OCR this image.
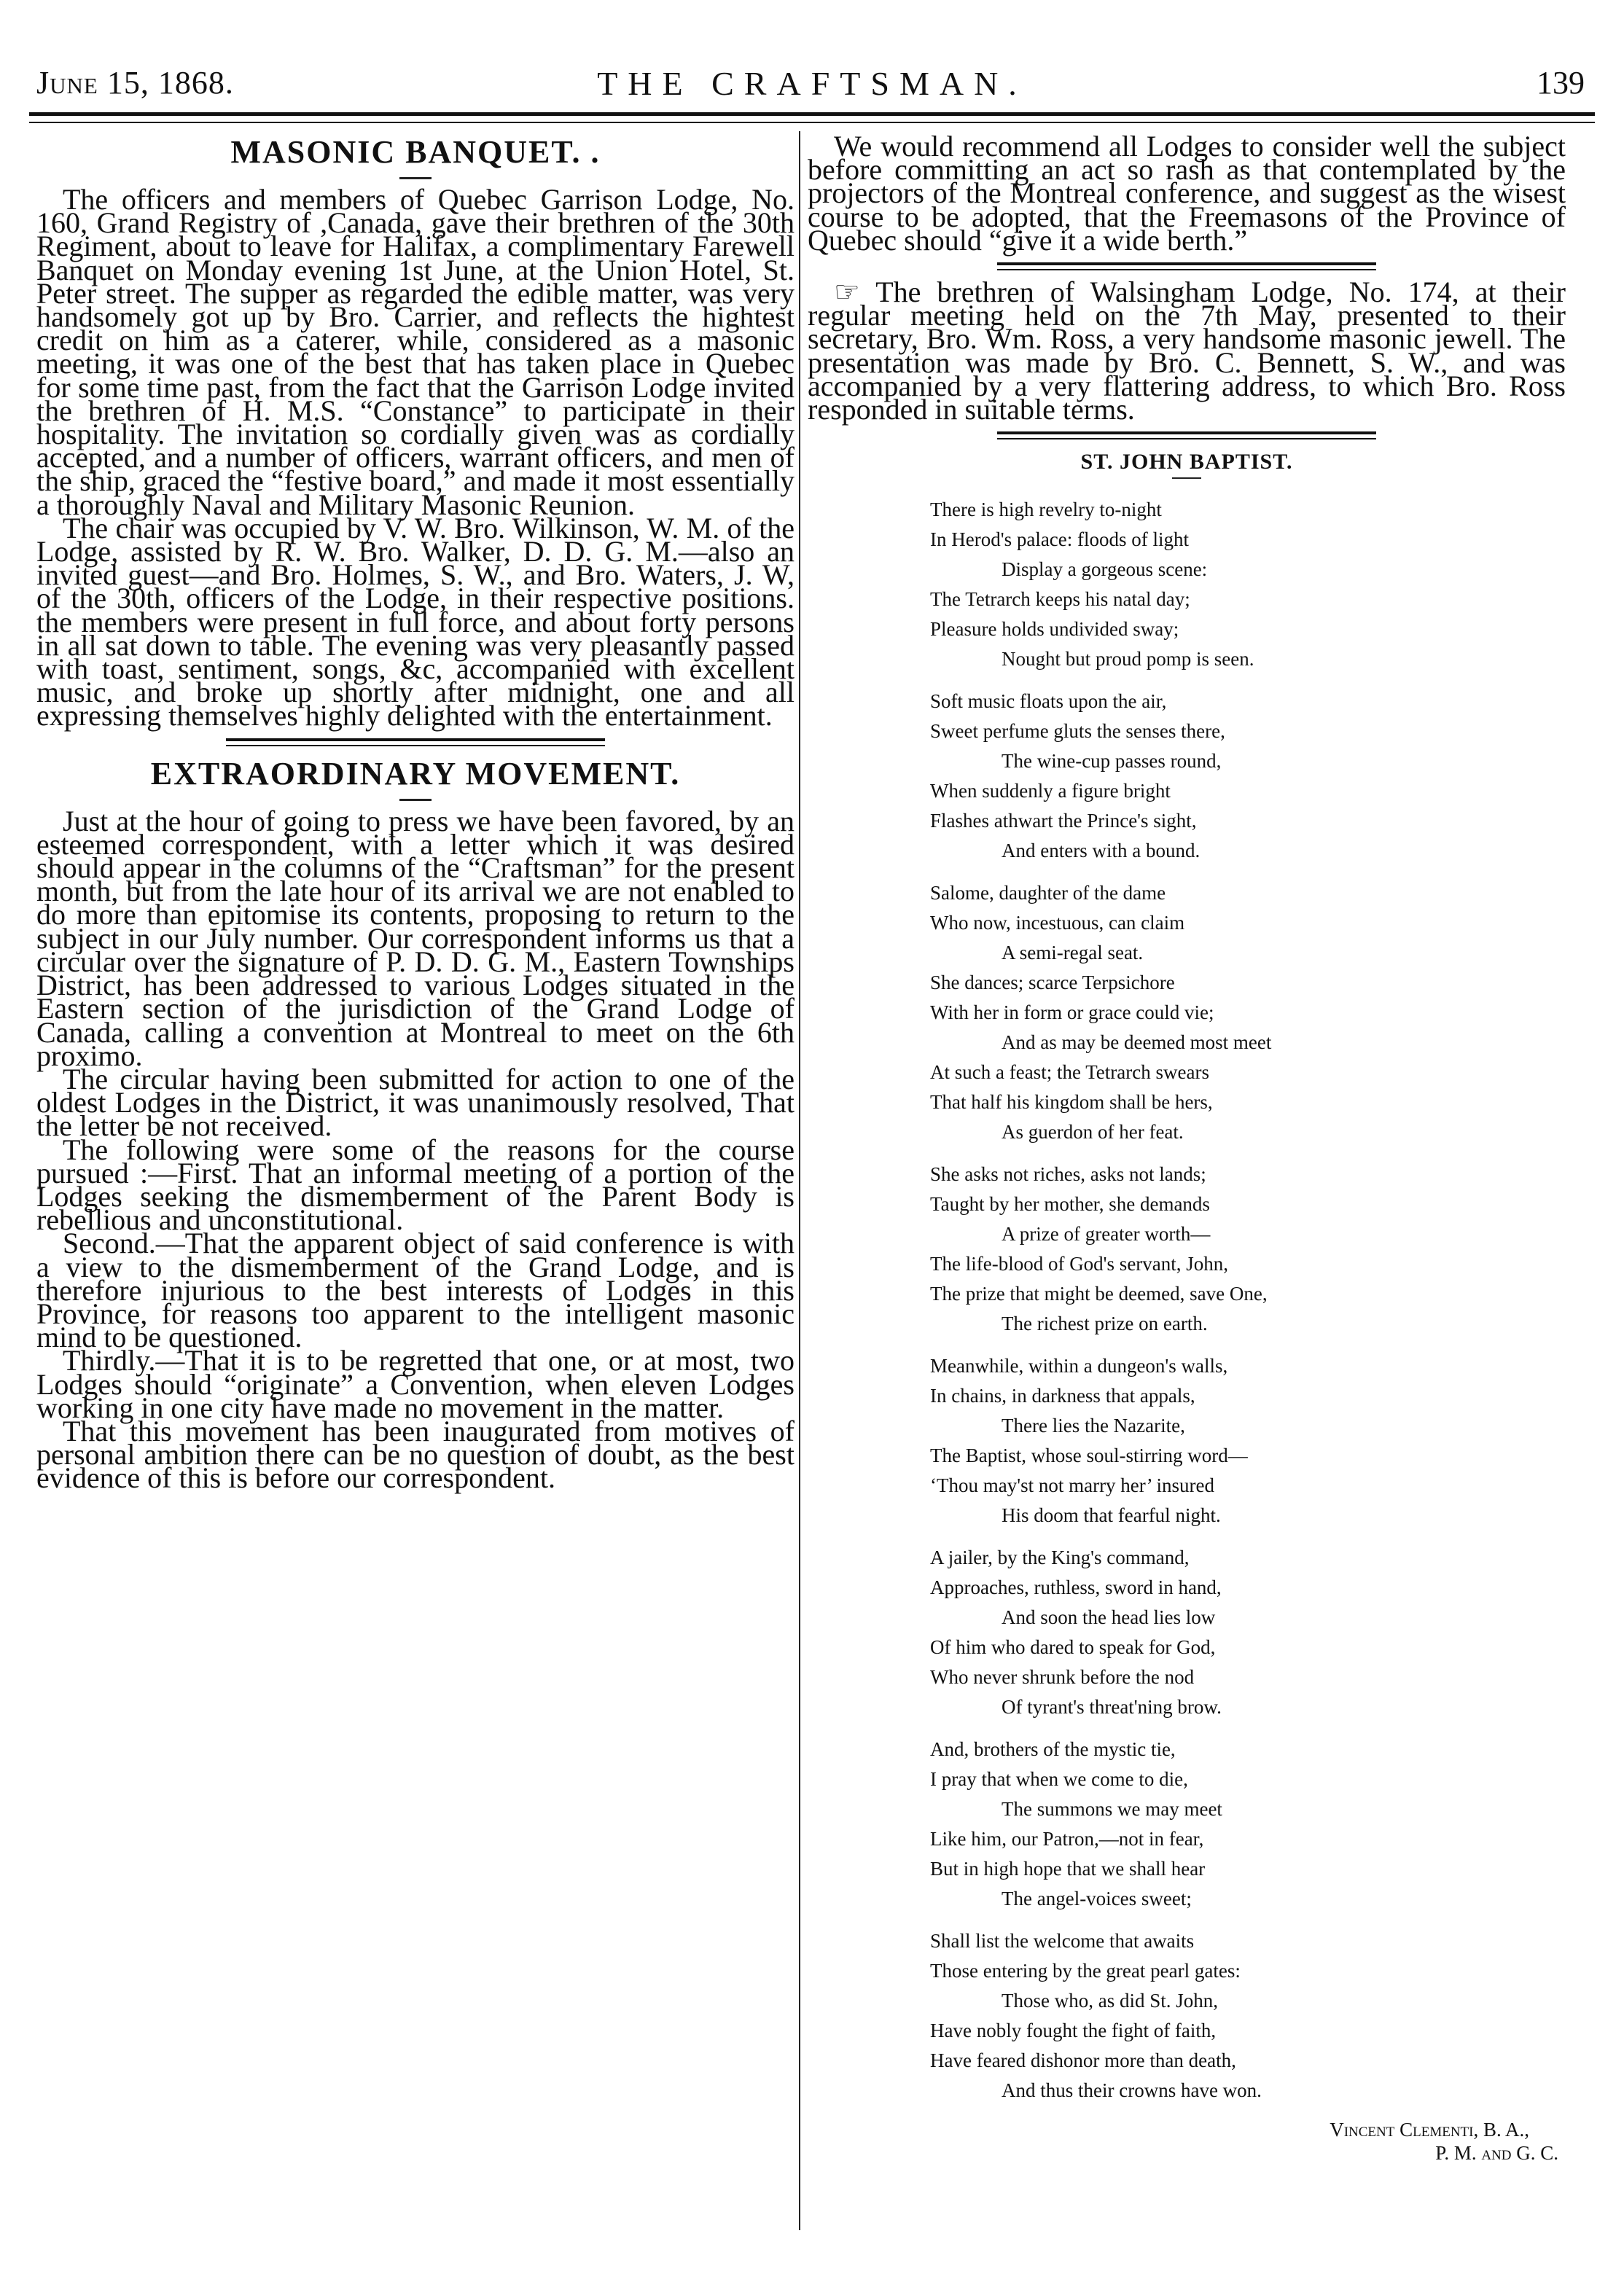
June 15, 1868.	THE CRAFTSMAN.	139
MASONIC BANQUET. .

The officers and members of Quebec Garrison Lodge, No. 160, Grand Registry of ,Canada, gave their brethren of the 30th Regiment, about to leave for Halifax, a complimentary Farewell Banquet on Monday evening 1st June, at the Union Hotel, St. Peter street. The supper as regarded the edible matter, was very handsomely got up by Bro. Carrier, and reflects the hightest credit on him as a caterer, while, considered as a masonic meeting, it was one of the best that has taken place in Quebec for some time past, from the fact that the Garrison Lodge invited the brethren of H. M.S. “Constance” to participate in their hospitality. The invitation so cordially given was as cordially accepted, and a number of officers, warrant officers, and men of the ship, graced the “festive board,” and made it most essentially a thoroughly Naval and Military Masonic Reunion.

The chair was occupied by V. W. Bro. Wilkinson, W. M. of the Lodge, assisted by R. W. Bro. Walker, D. D. G. M.—also an invited guest—and Bro. Holmes, S. W., and Bro. Waters, J. W, of the 30th, officers of the Lodge, in their respective positions. the members were present in full force, and about forty persons in all sat down to table. The evening was very pleasantly passed with toast, sentiment, songs, &c, accompanied with excellent music, and broke up shortly after midnight, one and all expressing themselves highly delighted with the entertainment.

EXTRAORDINARY MOVEMENT.

Just at the hour of going to press we have been favored, by an esteemed correspondent, with a letter which it was desired should appear in the columns of the “Craftsman” for the present month, but from the late hour of its arrival we are not enabled to do more than epitomise its contents, proposing to return to the subject in our July number. Our correspondent informs us that a circular over the signature of P. D. D. G. M., Eastern Townships District, has been addressed to various Lodges situated in the Eastern section of the jurisdiction of the Grand Lodge of Canada, calling a convention at Montreal to meet on the 6th proximo.

The circular having been submitted for action to one of the oldest Lodges in the District, it was unanimously resolved, That the letter be not received.

The following were some of the reasons for the course pursued :—First. That an informal meeting of a portion of the Lodges seeking the dismemberment of the Parent Body is rebellious and unconstitutional.

Second.—That the apparent object of said conference is with a view to the dismemberment of the Grand Lodge, and is therefore injurious to the best interests of Lodges in this Province, for reasons too apparent to the intelligent masonic mind to be questioned.

Thirdly.—That it is to be regretted that one, or at most, two Lodges should “originate” a Convention, when eleven Lodges working in one city have made no movement in the matter.

That this movement has been inaugurated from motives of personal ambition there can be no question of doubt, as the best evidence of this is before our correspondent.

We would recommend all Lodges to consider well the subject before committing an act so rash as that contemplated by the projectors of the Montreal conference, and suggest as the wisest course to be adopted, that the Freemasons of the Province of Quebec should “give it a wide berth.”

☞ The brethren of Walsingham Lodge, No. 174, at their regular meeting held on the 7th May, presented to their secretary, Bro. Wm. Ross, a very handsome masonic jewell. The presentation was made by Bro. C. Bennett, S. W., and was accompanied by a very flattering address, to which Bro. Ross responded in suitable terms.

ST. JOHN BAPTIST.
There is high revelry to-night
In Herod's palace: floods of light
Display a gorgeous scene:
The Tetrarch keeps his natal day;
Pleasure holds undivided sway;
Nought but proud pomp is seen.
Soft music floats upon the air,
Sweet perfume gluts the senses there,
The wine-cup passes round,
When suddenly a figure bright
Flashes athwart the Prince's sight,
And enters with a bound.
Salome, daughter of the dame
Who now, incestuous, can claim
A semi-regal seat.
She dances; scarce Terpsichore
With her in form or grace could vie;
And as may be deemed most meet
At such a feast; the Tetrarch swears
That half his kingdom shall be hers,
As guerdon of her feat.
She asks not riches, asks not lands;
Taught by her mother, she demands
A prize of greater worth—
The life-blood of God's servant, John,
The prize that might be deemed, save One,
The richest prize on earth.
Meanwhile, within a dungeon's walls,
In chains, in darkness that appals,
There lies the Nazarite,
The Baptist, whose soul-stirring word—
‘Thou may'st not marry her’ insured
His doom that fearful night.
A jailer, by the King's command,
Approaches, ruthless, sword in hand,
And soon the head lies low
Of him who dared to speak for God,
Who never shrunk before the nod
Of tyrant's threat'ning brow.
And, brothers of the mystic tie,
I pray that when we come to die,
The summons we may meet
Like him, our Patron,—not in fear,
But in high hope that we shall hear
The angel-voices sweet;
Shall list the welcome that awaits
Those entering by the great pearl gates:
Those who, as did St. John,
Have nobly fought the fight of faith,
Have feared dishonor more than death,
And thus their crowns have won.
Vincent Clementi, B. A.,
P. M. and G. C.
